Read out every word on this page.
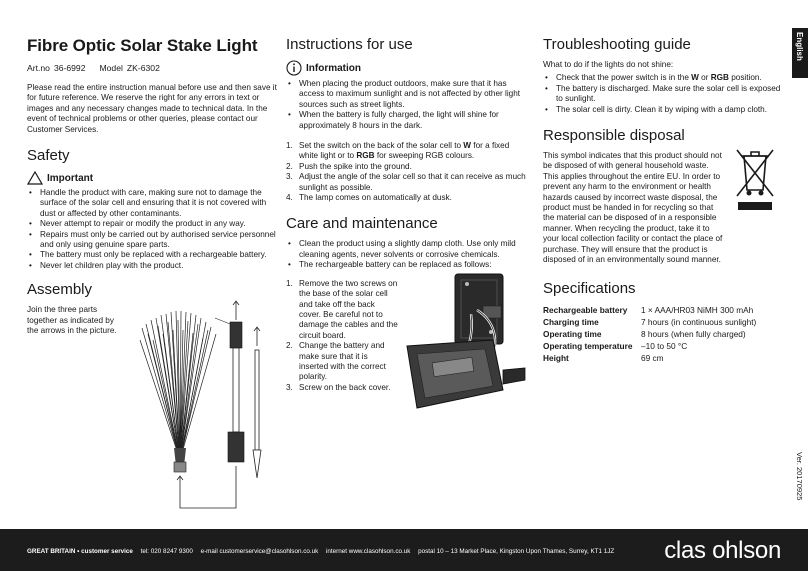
Fibre Optic Solar Stake Light
Art.no 36-6992 Model ZK-6302

Please read the entire instruction manual before use and then save it for future reference. We reserve the right for any errors in text or images and any necessary changes made to technical data. In the event of technical problems or other queries, please contact our Customer Services.

Safety
Important
• Handle the product with care, making sure not to damage the surface of the solar cell and ensuring that it is not covered with dust or affected by other contaminants.
• Never attempt to repair or modify the product in any way.
• Repairs must only be carried out by authorised service personnel and only using genuine spare parts.
• The battery must only be replaced with a rechargeable battery.
• Never let children play with the product.
Assembly

Join the three parts together as indicated by the arrows in the picture.

Instructions for use
Information
• When placing the product outdoors, make sure that it has access to maximum sunlight and is not affected by other light sources such as street lights.
• When the battery is fully charged, the light will shine for approximately 8 hours in the dark.
1. Set the switch on the back of the solar cell to W for a fixed white light or to RGB for sweeping RGB colours.
2. Push the spike into the ground.
3. Adjust the angle of the solar cell so that it can receive as much sunlight as possible.
4. The lamp comes on automatically at dusk.
Care and maintenance
• Clean the product using a slightly damp cloth. Use only mild cleaning agents, never solvents or corrosive chemicals.
• The rechargeable battery can be replaced as follows:
1. Remove the two screws on the base of the solar cell and take off the back cover. Be careful not to damage the cables and the circuit board.
2. Change the battery and make sure that it is inserted with the correct polarity.
3. Screw on the back cover.
Troubleshooting guide

What to do if the lights do not shine:

• Check that the power switch is in the W or RGB position.
• The battery is discharged. Make sure the solar cell is exposed to sunlight.
• The solar cell is dirty. Clean it by wiping with a damp cloth.
Responsible disposal

This symbol indicates that this product should not be disposed of with general household waste. This applies throughout the entire EU. In order to prevent any harm to the environment or health hazards caused by incorrect waste disposal, the product must be handed in for recycling so that the material can be disposed of in a responsible manner. When recycling the product, take it to your local collection facility or contact the place of purchase. They will ensure that the product is disposed of in an environmentally sound manner.

Specifications
Rechargeable battery	1 × AAA/HR03 NiMH 300 mAh
Charging time	7 hours (in continuous sunlight)
Operating time	8 hours (when fully charged)
Operating temperature	–10 to 50 °C
Height	69 cm
English
Ver. 20170925
GREAT BRITAIN • customer service tel: 020 8247 9300 e-mail customerservice@clasohlson.co.uk internet www.clasohlson.co.uk postal 10 – 13 Market Place, Kingston Upon Thames, Surrey, KT1 1JZ clas ohlson
